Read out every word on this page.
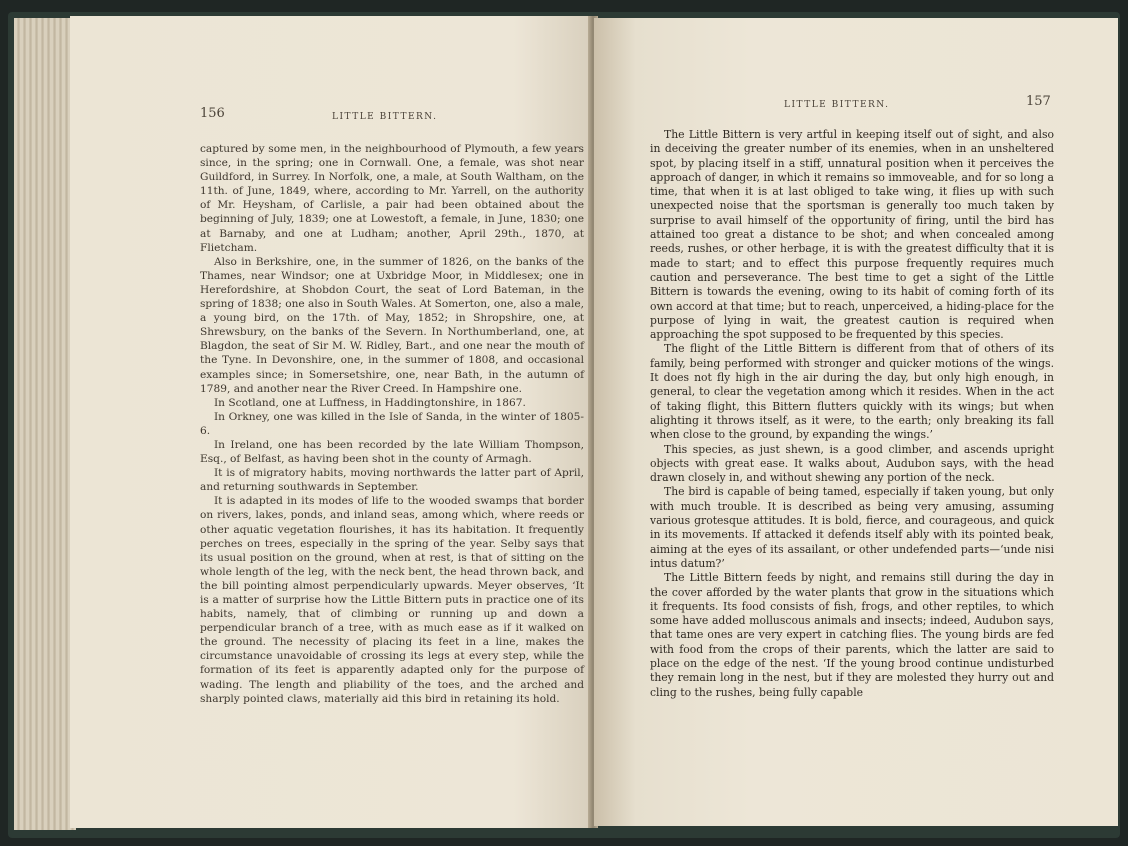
156	LITTLE BITTERN.

captured by some men, in the neighbourhood of Plymouth, a few years since, in the spring; one in Cornwall. One, a female, was shot near Guildford, in Surrey. In Norfolk, one, a male, at South Waltham, on the 11th. of June, 1849, where, according to Mr. Yarrell, on the authority of Mr. Heysham, of Carlisle, a pair had been obtained about the beginning of July, 1839; one at Lowestoft, a female, in June, 1830; one at Barnaby, and one at Ludham; another, April 29th., 1870, at Flietcham.

Also in Berkshire, one, in the summer of 1826, on the banks of the Thames, near Windsor; one at Uxbridge Moor, in Middlesex; one in Herefordshire, at Shobdon Court, the seat of Lord Bateman, in the spring of 1838; one also in South Wales. At Somerton, one, also a male, a young bird, on the 17th. of May, 1852; in Shropshire, one, at Shrewsbury, on the banks of the Severn. In Northumberland, one, at Blagdon, the seat of Sir M. W. Ridley, Bart., and one near the mouth of the Tyne. In Devonshire, one, in the summer of 1808, and occasional examples since; in Somersetshire, one, near Bath, in the autumn of 1789, and another near the River Creed. In Hampshire one.

In Scotland, one at Luffness, in Haddingtonshire, in 1867.

In Orkney, one was killed in the Isle of Sanda, in the winter of 1805-6.

In Ireland, one has been recorded by the late William Thompson, Esq., of Belfast, as having been shot in the county of Armagh.

It is of migratory habits, moving northwards the latter part of April, and returning southwards in September.

It is adapted in its modes of life to the wooded swamps that border on rivers, lakes, ponds, and inland seas, among which, where reeds or other aquatic vegetation flourishes, it has its habitation. It frequently perches on trees, especially in the spring of the year. Selby says that its usual position on the ground, when at rest, is that of sitting on the whole length of the leg, with the neck bent, the head thrown back, and the bill pointing almost perpendicularly upwards. Meyer observes, ‘It is a matter of surprise how the Little Bittern puts in practice one of its habits, namely, that of climbing or running up and down a perpendicular branch of a tree, with as much ease as if it walked on the ground. The necessity of placing its feet in a line, makes the circumstance unavoidable of crossing its legs at every step, while the formation of its feet is apparently adapted only for the purpose of wading. The length and pliability of the toes, and the arched and sharply pointed claws, materially aid this bird in retaining its hold.

LITTLE BITTERN.	157

The Little Bittern is very artful in keeping itself out of sight, and also in deceiving the greater number of its enemies, when in an unsheltered spot, by placing itself in a stiff, unnatural position when it perceives the approach of danger, in which it remains so immoveable, and for so long a time, that when it is at last obliged to take wing, it flies up with such unexpected noise that the sportsman is generally too much taken by surprise to avail himself of the opportunity of firing, until the bird has attained too great a distance to be shot; and when concealed among reeds, rushes, or other herbage, it is with the greatest difficulty that it is made to start; and to effect this purpose frequently requires much caution and perseverance. The best time to get a sight of the Little Bittern is towards the evening, owing to its habit of coming forth of its own accord at that time; but to reach, unperceived, a hiding-place for the purpose of lying in wait, the greatest caution is required when approaching the spot supposed to be frequented by this species.

The flight of the Little Bittern is different from that of others of its family, being performed with stronger and quicker motions of the wings. It does not fly high in the air during the day, but only high enough, in general, to clear the vegetation among which it resides. When in the act of taking flight, this Bittern flutters quickly with its wings; but when alighting it throws itself, as it were, to the earth; only breaking its fall when close to the ground, by expanding the wings.’

This species, as just shewn, is a good climber, and ascends upright objects with great ease. It walks about, Audubon says, with the head drawn closely in, and without shewing any portion of the neck.

The bird is capable of being tamed, especially if taken young, but only with much trouble. It is described as being very amusing, assuming various grotesque attitudes. It is bold, fierce, and courageous, and quick in its movements. If attacked it defends itself ably with its pointed beak, aiming at the eyes of its assailant, or other undefended parts—‘unde nisi intus datum?’

The Little Bittern feeds by night, and remains still during the day in the cover afforded by the water plants that grow in the situations which it frequents. Its food consists of fish, frogs, and other reptiles, to which some have added molluscous animals and insects; indeed, Audubon says, that tame ones are very expert in catching flies. The young birds are fed with food from the crops of their parents, which the latter are said to place on the edge of the nest. ‘If the young brood continue undisturbed they remain long in the nest, but if they are molested they hurry out and cling to the rushes, being fully capable
